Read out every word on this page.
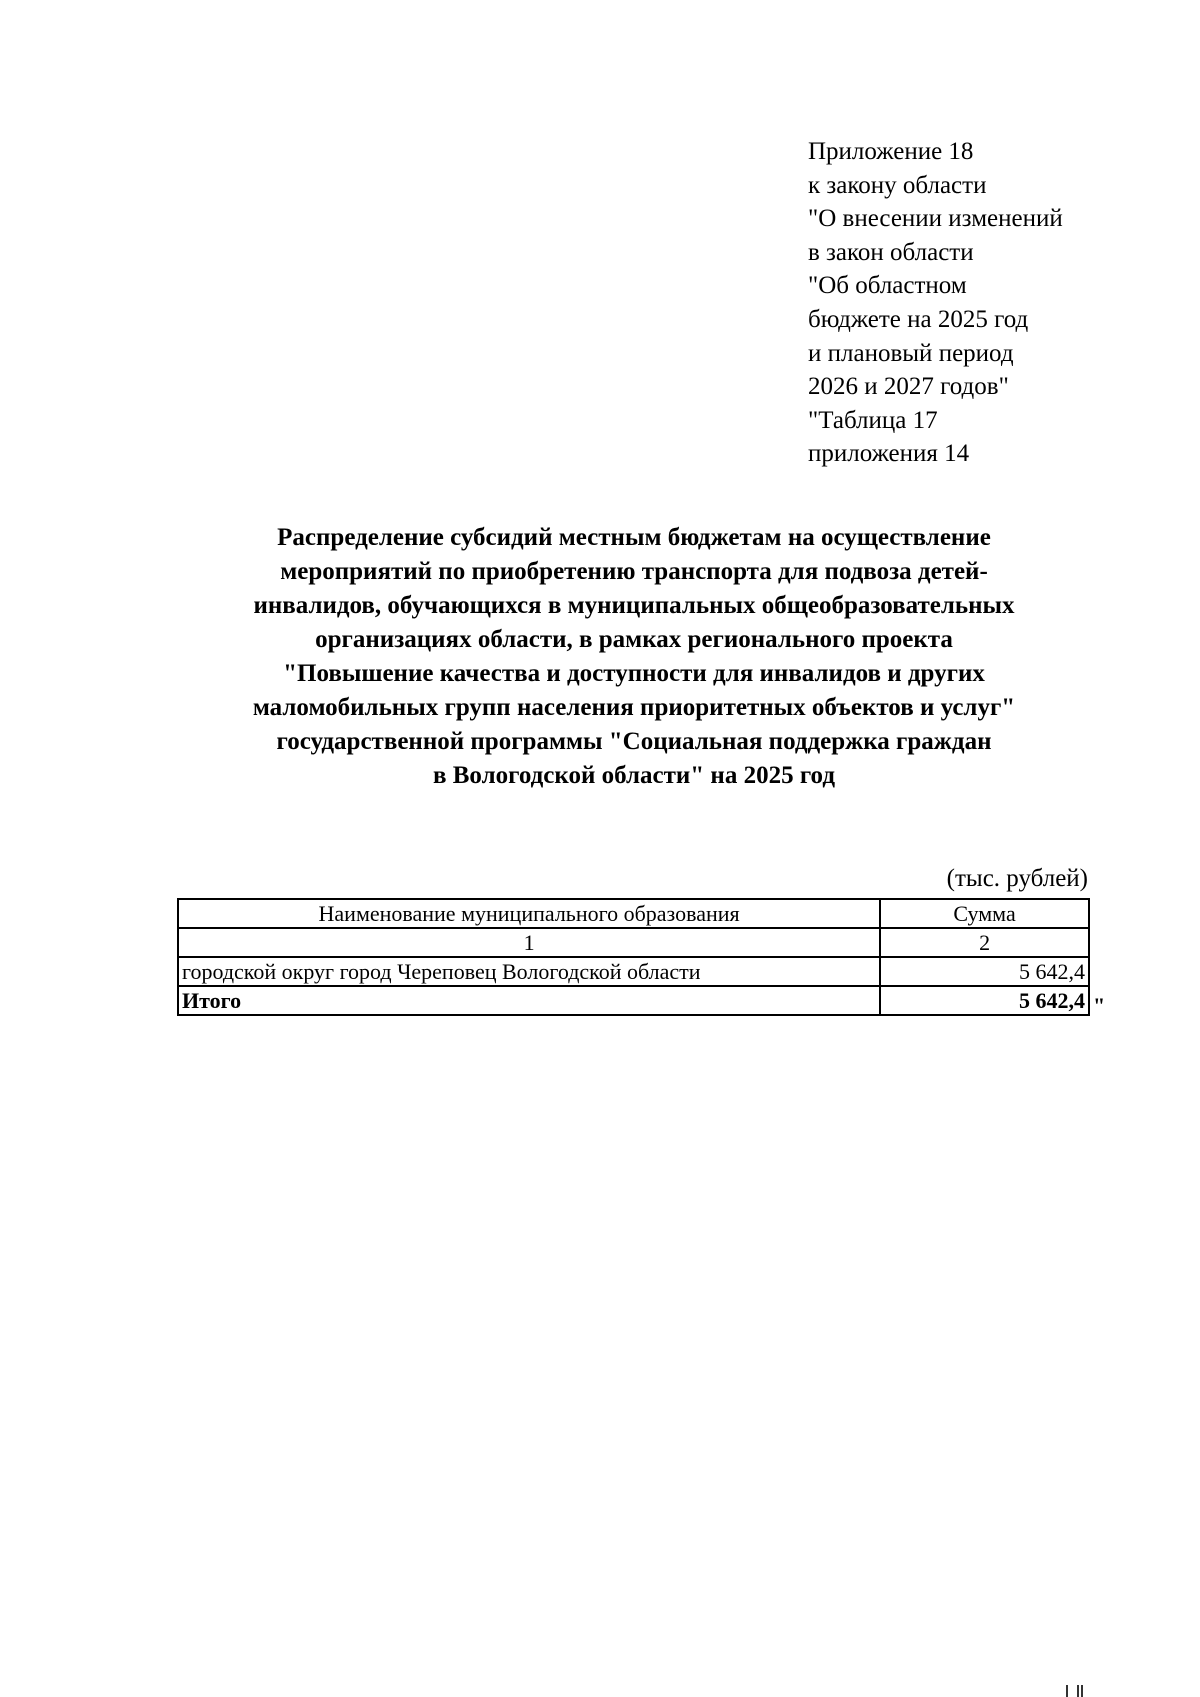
Приложение 18
к закону области
"О внесении изменений
в закон области
"Об областном
бюджете на 2025 год
и плановый период
2026 и 2027 годов"
"Таблица 17
приложения 14
Распределение субсидий местным бюджетам на осуществление
мероприятий по приобретению транспорта для подвоза детей-
инвалидов, обучающихся в муниципальных общеобразовательных
организациях области, в рамках регионального проекта
"Повышение качества и доступности для инвалидов и других
маломобильных групп населения приоритетных объектов и услуг"
государственной программы "Социальная поддержка граждан
в Вологодской области" на 2025 год
(тыс. рублей)
Наименование муниципального образования	Сумма
1	2
городской округ город Череповец Вологодской области	5 642,4
Итого	5 642,4 "
